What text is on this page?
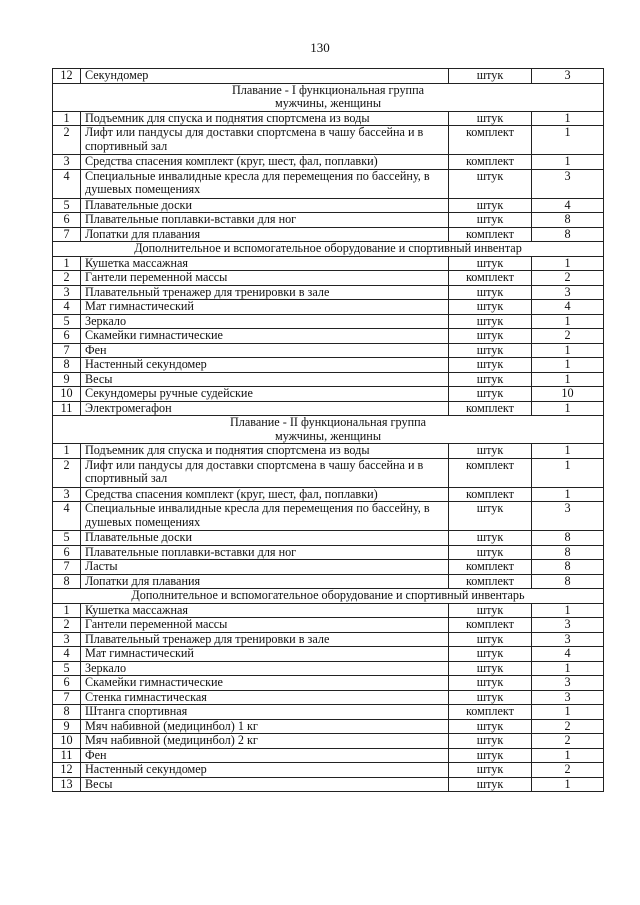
130
12	Секундомер	штук	3

Плавание - I функциональная группа
мужчины, женщины			

1	Подъемник для спуска и поднятия спортсмена из воды	штук	1
2	Лифт или пандусы для доставки спортсмена в чашу бассейна и в спортивный зал	комплект	1
3	Средства спасения комплект (круг, шест, фал, поплавки)	комплект	1
4	Специальные инвалидные кресла для перемещения по бассейну, в душевых помещениях	штук	3
5	Плавательные доски	штук	4
6	Плавательные поплавки-вставки для ног	штук	8
7	Лопатки для плавания	комплект	8

Дополнительное и вспомогательное оборудование и спортивный инвентар			

1	Кушетка массажная	штук	1
2	Гантели переменной массы	комплект	2
3	Плавательный тренажер для тренировки в зале	штук	3
4	Мат гимнастический	штук	4
5	Зеркало	штук	1
6	Скамейки гимнастические	штук	2
7	Фен	штук	1
8	Настенный секундомер	штук	1
9	Весы	штук	1
10	Секундомеры ручные судейские	штук	10
11	Электромегафон	комплект	1

Плавание - II функциональная группа
мужчины, женщины			

1	Подъемник для спуска и поднятия спортсмена из воды	штук	1
2	Лифт или пандусы для доставки спортсмена в чашу бассейна и в спортивный зал	комплект	1
3	Средства спасения комплект (круг, шест, фал, поплавки)	комплект	1
4	Специальные инвалидные кресла для перемещения по бассейну, в душевых помещениях	штук	3
5	Плавательные доски	штук	8
6	Плавательные поплавки-вставки для ног	штук	8
7	Ласты	комплект	8
8	Лопатки для плавания	комплект	8

Дополнительное и вспомогательное оборудование и спортивный инвентарь			

1	Кушетка массажная	штук	1
2	Гантели переменной массы	комплект	3
3	Плавательный тренажер для тренировки в зале	штук	3
4	Мат гимнастический	штук	4
5	Зеркало	штук	1
6	Скамейки гимнастические	штук	3
7	Стенка гимнастическая	штук	3
8	Штанга спортивная	комплект	1
9	Мяч набивной (медицинбол) 1 кг	штук	2
10	Мяч набивной (медицинбол) 2 кг	штук	2
11	Фен	штук	1
12	Настенный секундомер	штук	2
13	Весы	штук	1
